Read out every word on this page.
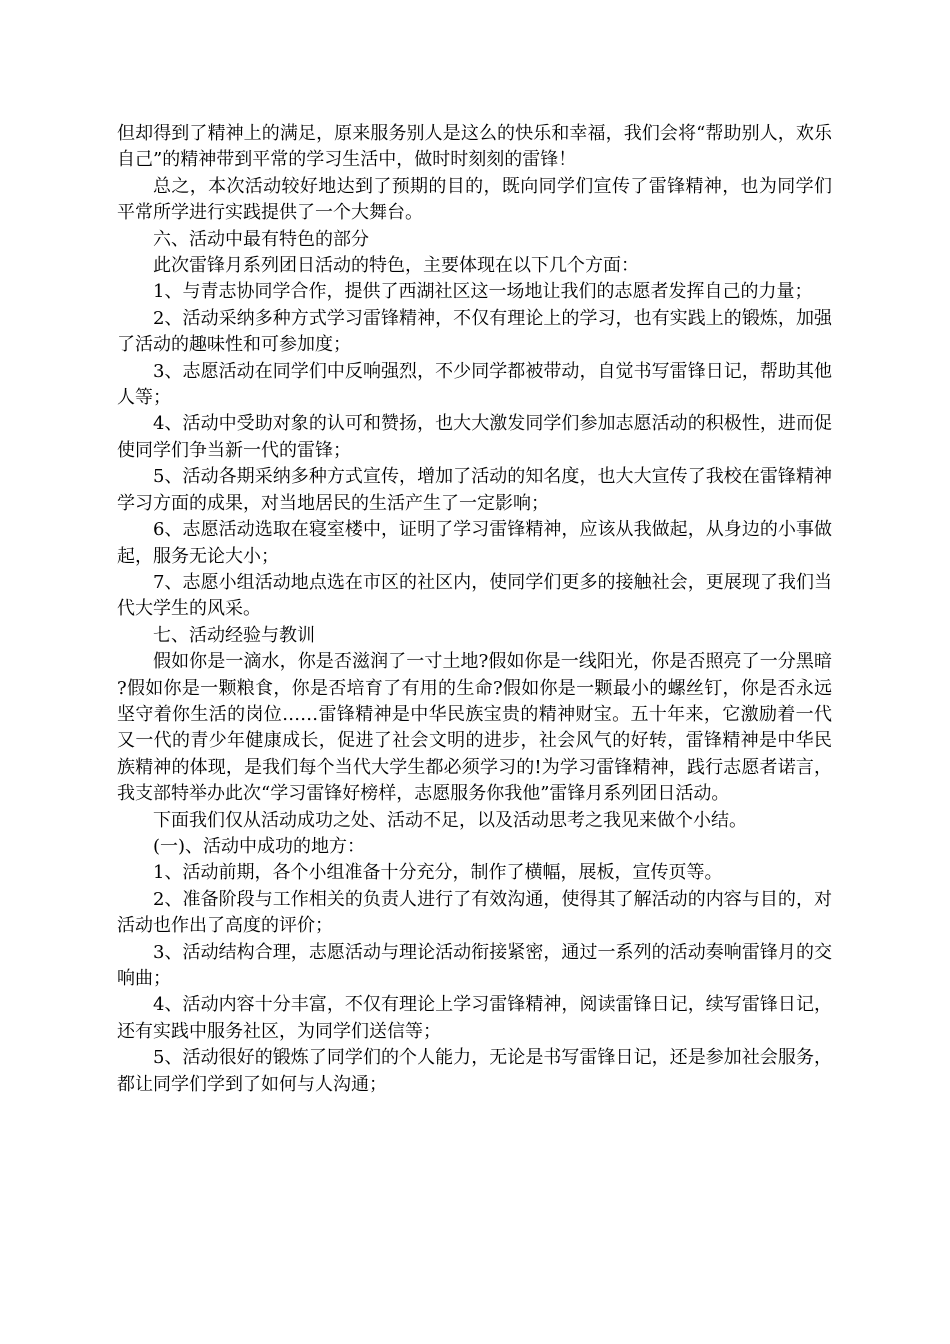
但却得到了精神上的满足，原来服务别人是这么的快乐和幸福，我们会将“帮助别人，欢乐自己”的精神带到平常的学习生活中，做时时刻刻的雷锋！

总之，本次活动较好地达到了预期的目的，既向同学们宣传了雷锋精神，也为同学们平常所学进行实践提供了一个大舞台。

六、活动中最有特色的部分

此次雷锋月系列团日活动的特色，主要体现在以下几个方面：

1、与青志协同学合作，提供了西湖社区这一场地让我们的志愿者发挥自己的力量；

2、活动采纳多种方式学习雷锋精神，不仅有理论上的学习，也有实践上的锻炼，加强了活动的趣味性和可参加度；

3、志愿活动在同学们中反响强烈，不少同学都被带动，自觉书写雷锋日记，帮助其他人等；

4、活动中受助对象的认可和赞扬，也大大激发同学们参加志愿活动的积极性，进而促使同学们争当新一代的雷锋；

5、活动各期采纳多种方式宣传，增加了活动的知名度，也大大宣传了我校在雷锋精神学习方面的成果，对当地居民的生活产生了一定影响；

6、志愿活动选取在寝室楼中，证明了学习雷锋精神，应该从我做起，从身边的小事做起，服务无论大小；

7、志愿小组活动地点选在市区的社区内，使同学们更多的接触社会，更展现了我们当代大学生的风采。

七、活动经验与教训

假如你是一滴水，你是否滋润了一寸土地?假如你是一线阳光，你是否照亮了一分黑暗?假如你是一颗粮食，你是否培育了有用的生命?假如你是一颗最小的螺丝钉，你是否永远坚守着你生活的岗位……雷锋精神是中华民族宝贵的精神财宝。五十年来，它激励着一代又一代的青少年健康成长，促进了社会文明的进步，社会风气的好转，雷锋精神是中华民族精神的体现，是我们每个当代大学生都必须学习的!为学习雷锋精神，践行志愿者诺言，我支部特举办此次“学习雷锋好榜样，志愿服务你我他”雷锋月系列团日活动。

下面我们仅从活动成功之处、活动不足，以及活动思考之我见来做个小结。

(一)、活动中成功的地方：

1、活动前期，各个小组准备十分充分，制作了横幅，展板，宣传页等。

2、准备阶段与工作相关的负责人进行了有效沟通，使得其了解活动的内容与目的，对活动也作出了高度的评价；

3、活动结构合理，志愿活动与理论活动衔接紧密，通过一系列的活动奏响雷锋月的交响曲；

4、活动内容十分丰富，不仅有理论上学习雷锋精神，阅读雷锋日记，续写雷锋日记，还有实践中服务社区，为同学们送信等；

5、活动很好的锻炼了同学们的个人能力，无论是书写雷锋日记，还是参加社会服务，都让同学们学到了如何与人沟通；
